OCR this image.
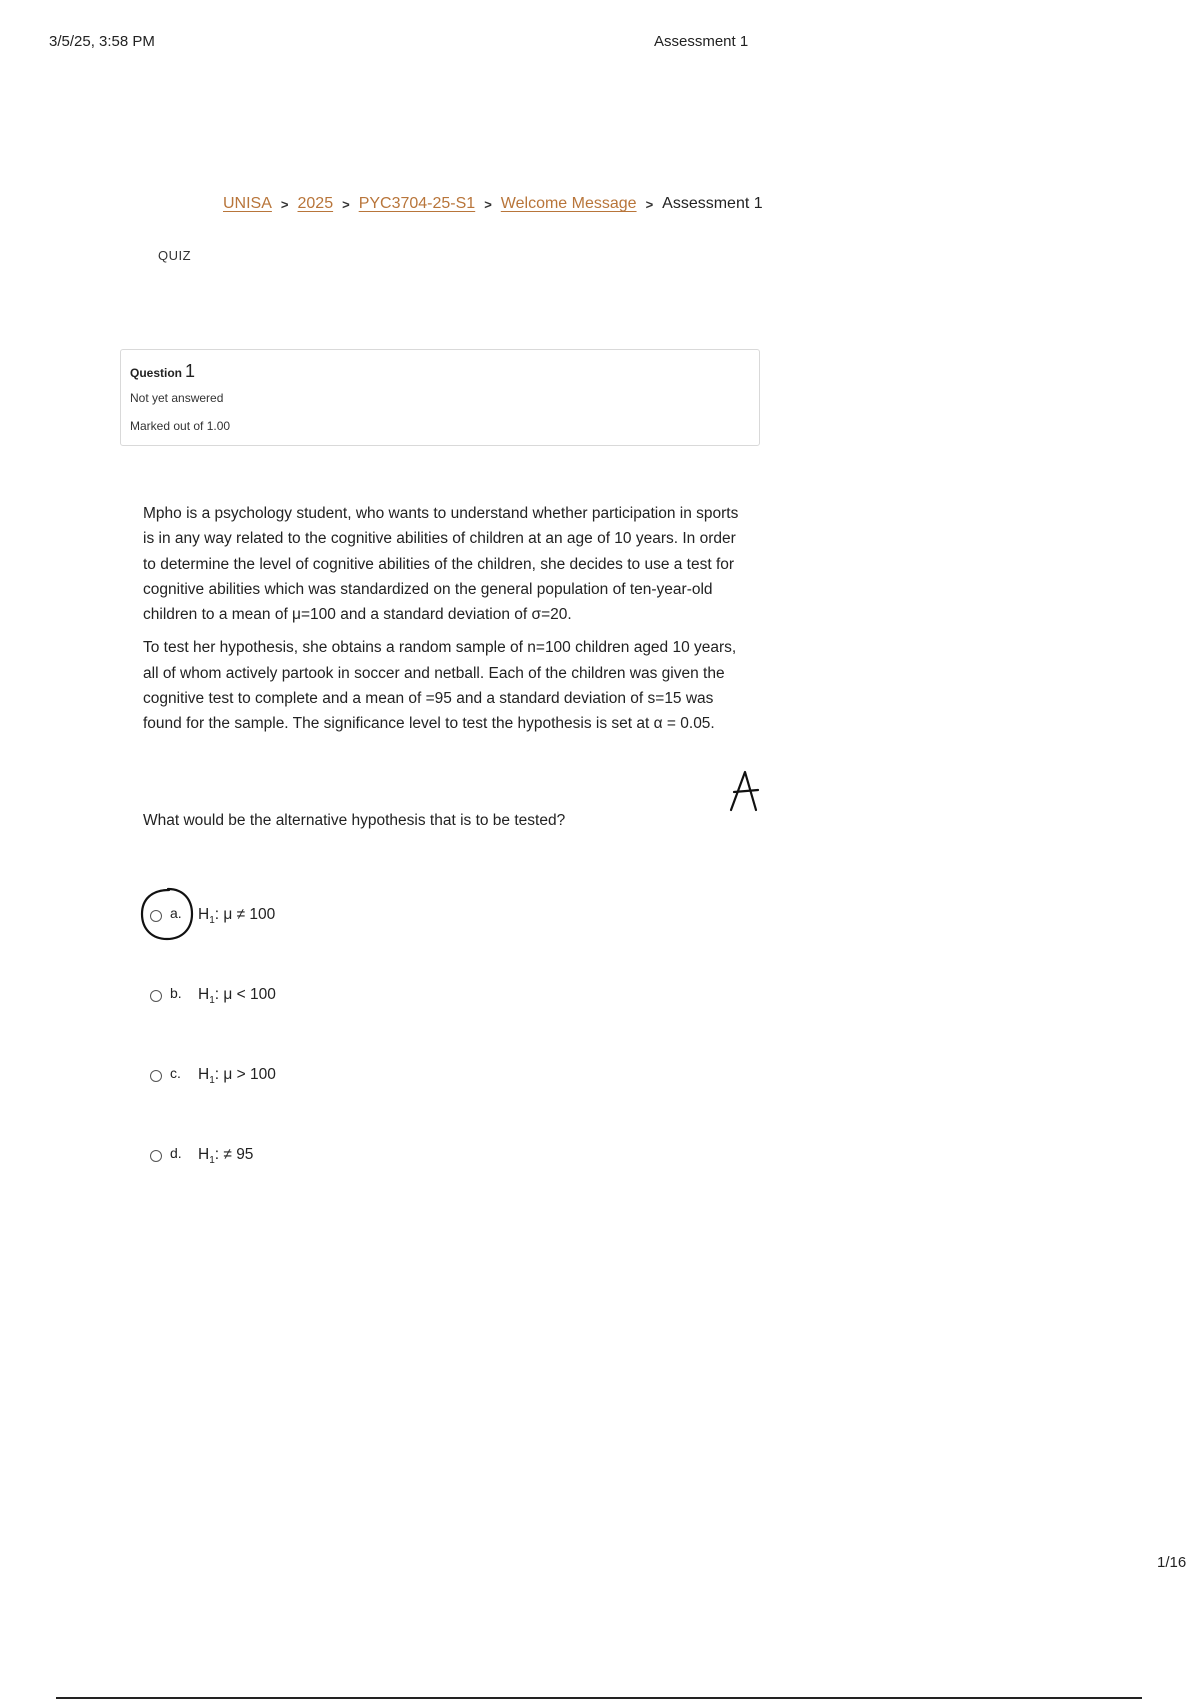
3/5/25, 3:58 PM	Assessment 1
UNISA > 2025 > PYC3704-25-S1 > Welcome Message > Assessment 1
QUIZ
Question 1
Not yet answered
Marked out of 1.00

Mpho is a psychology student, who wants to understand whether participation in sports is in any way related to the cognitive abilities of children at an age of 10 years. In order to determine the level of cognitive abilities of the children, she decides to use a test for cognitive abilities which was standardized on the general population of ten-year-old children to a mean of μ=100 and a standard deviation of σ=20.

To test her hypothesis, she obtains a random sample of n=100 children aged 10 years, all of whom actively partook in soccer and netball. Each of the children was given the cognitive test to complete and a mean of =95 and a standard deviation of s=15 was found for the sample. The significance level to test the hypothesis is set at α = 0.05.

What would be the alternative hypothesis that is to be tested?
a.	$H_1$: μ ≠ 100
b.	$H_1$: μ < 100
c.	$H_1$: μ > 100
d.	$H_1$: ≠ 95
1/16
